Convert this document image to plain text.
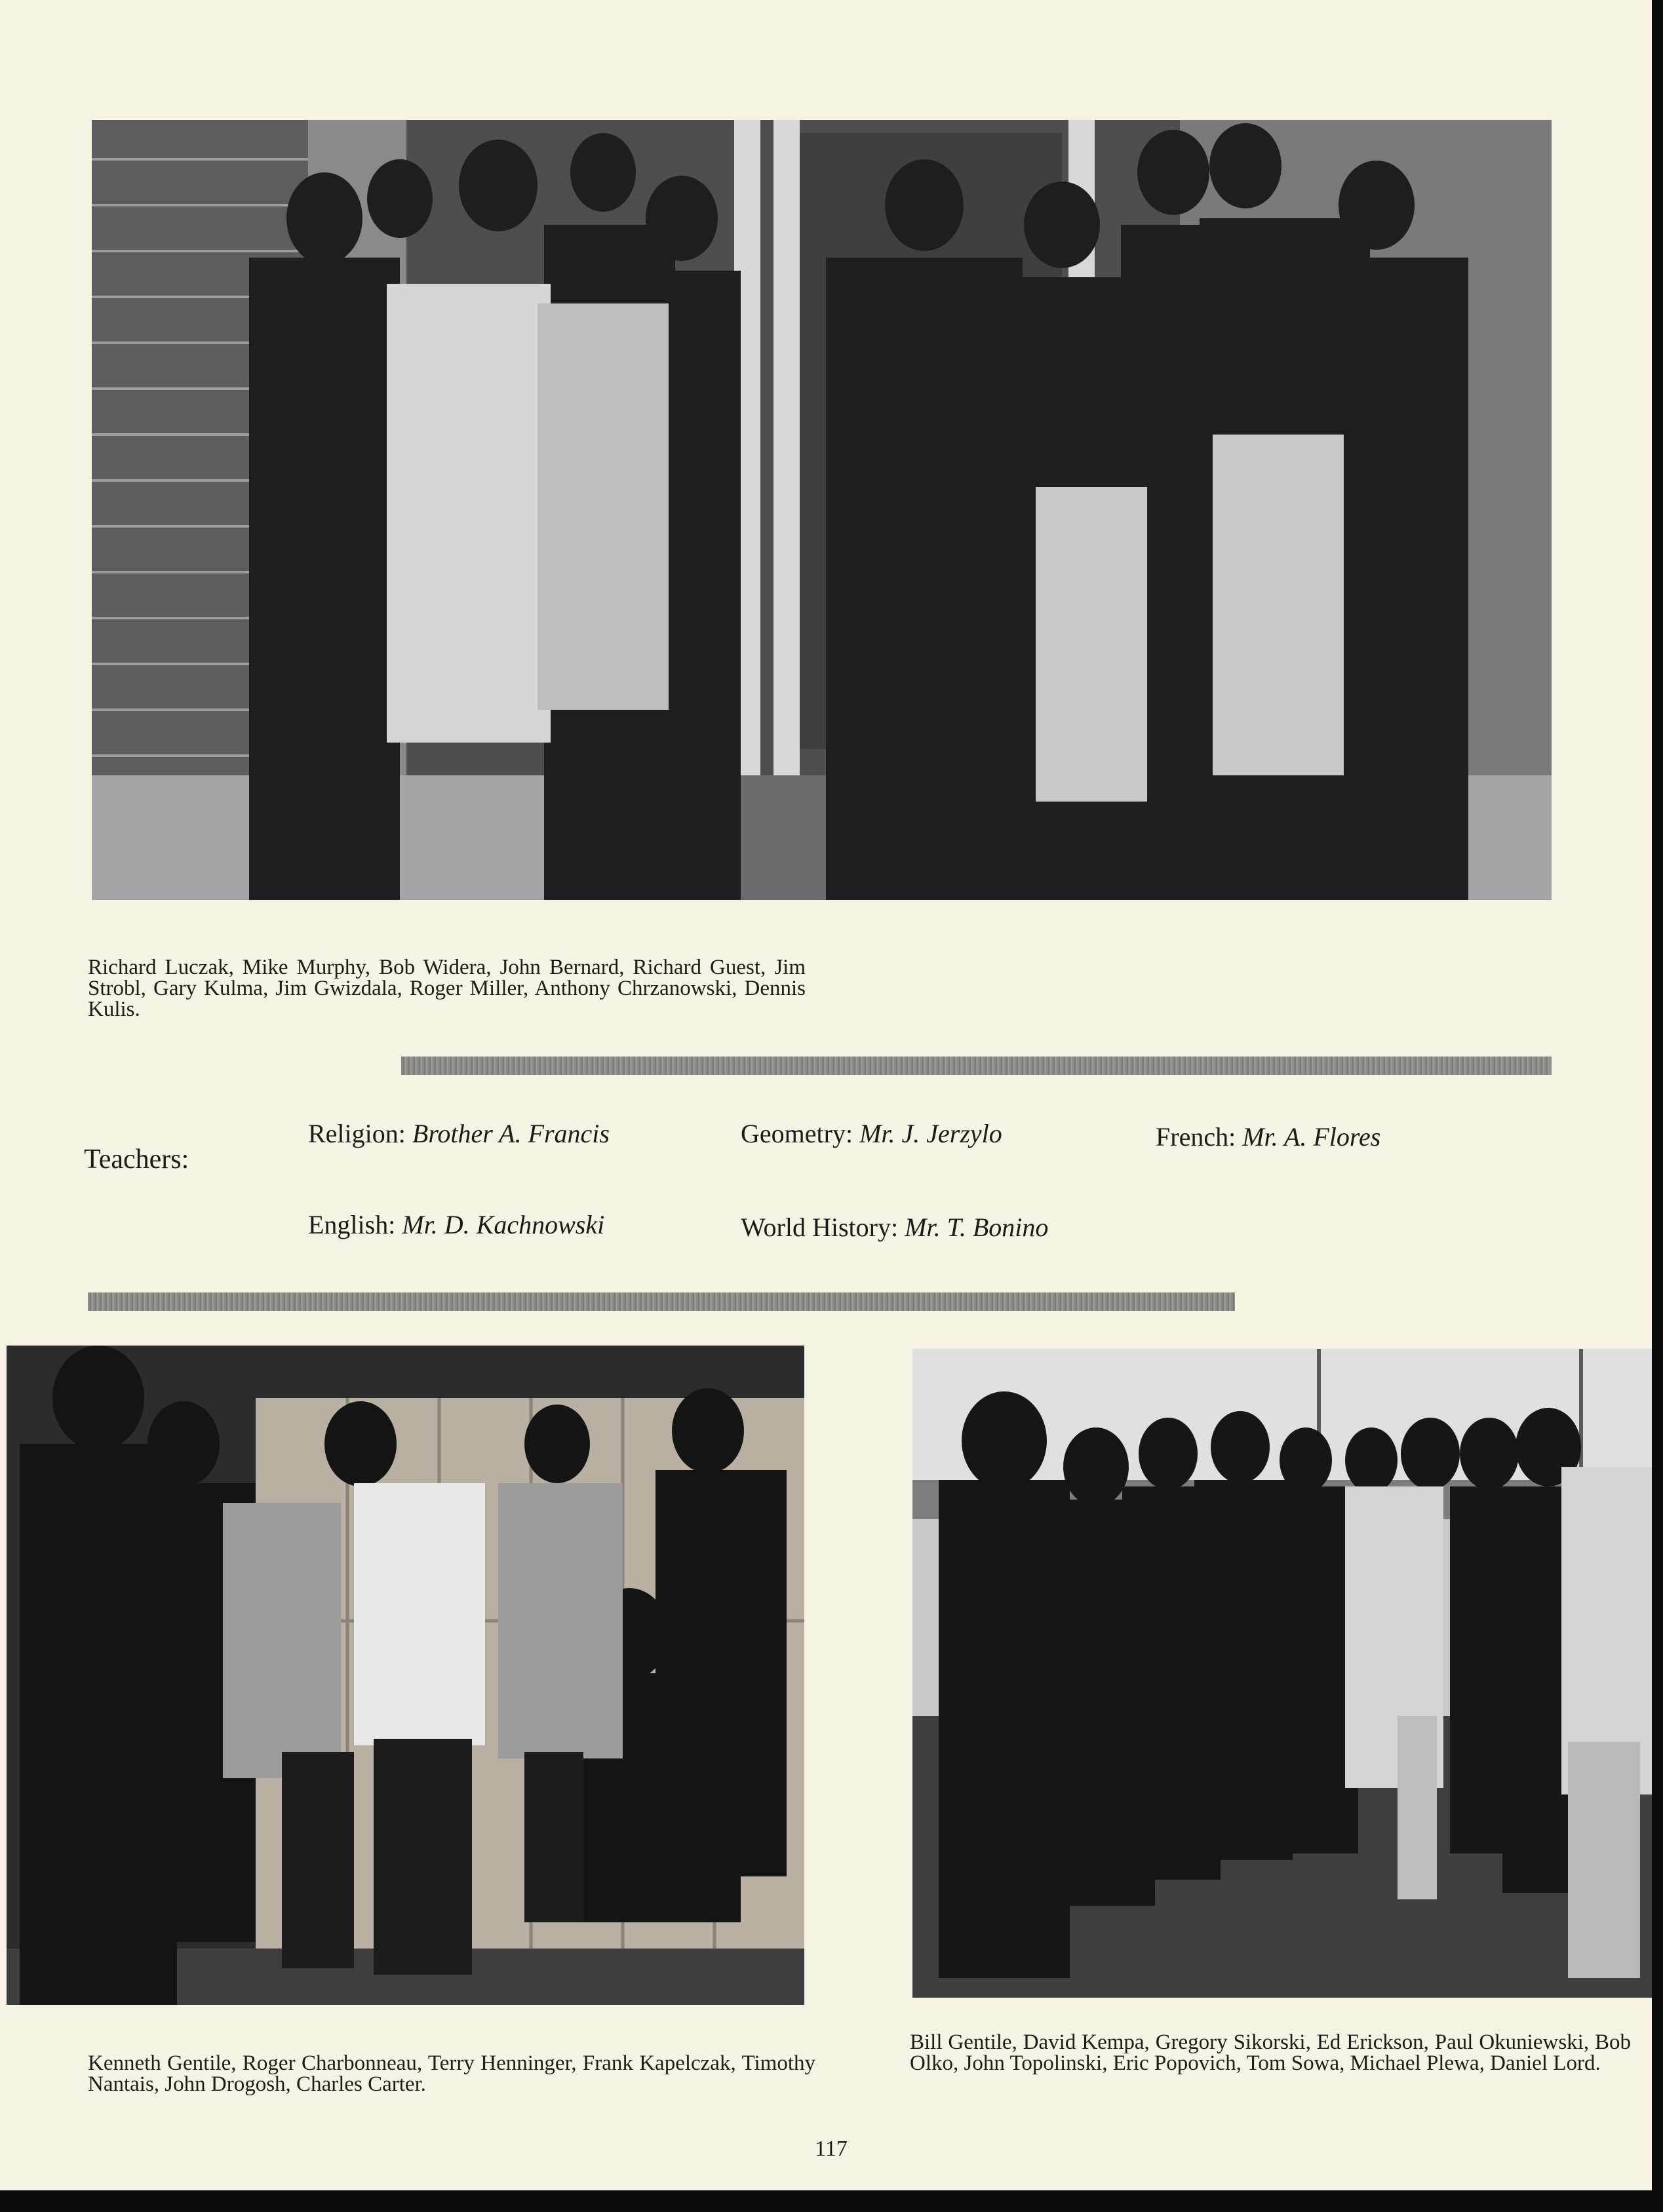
Richard Luczak, Mike Murphy, Bob Widera, John Bernard, Richard Guest, Jim Strobl, Gary Kulma, Jim Gwizdala, Roger Miller, Anthony Chrzanowski, Dennis Kulis.
Teachers:
Religion: Brother A. Francis	Geometry: Mr. J. Jerzylo	French: Mr. A. Flores
English: Mr. D. Kachnowski	World History: Mr. T. Bonino
Kenneth Gentile, Roger Charbonneau, Terry Henninger, Frank Kapelczak, Timothy Nantais, John Drogosh, Charles Carter.
Bill Gentile, David Kempa, Gregory Sikorski, Ed Erickson, Paul Okuniewski, Bob Olko, John Topolinski, Eric Popovich, Tom Sowa, Michael Plewa, Daniel Lord.
117
